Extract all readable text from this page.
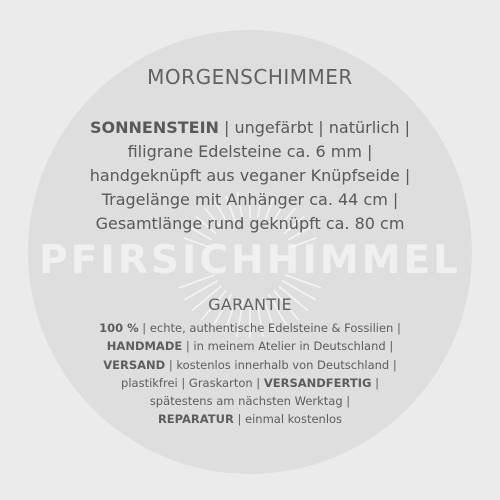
MORGENSCHIMMER
SONNENSTEIN | ungefärbt | natürlich |
filigrane Edelsteine ca. 6 mm |
handgeknüpft aus veganer Knüpfseide |
Tragelänge mit Anhänger ca. 44 cm |
Gesamtlänge rund geknüpft ca. 80 cm
PFIRSICHHIMMEL
GARANTIE
100 % | echte, authentische Edelsteine & Fossilien |
HANDMADE | in meinem Atelier in Deutschland |
VERSAND | kostenlos innerhalb von Deutschland |
plastikfrei | Graskarton | VERSANDFERTIG |
spätestens am nächsten Werktag |
REPARATUR | einmal kostenlos
